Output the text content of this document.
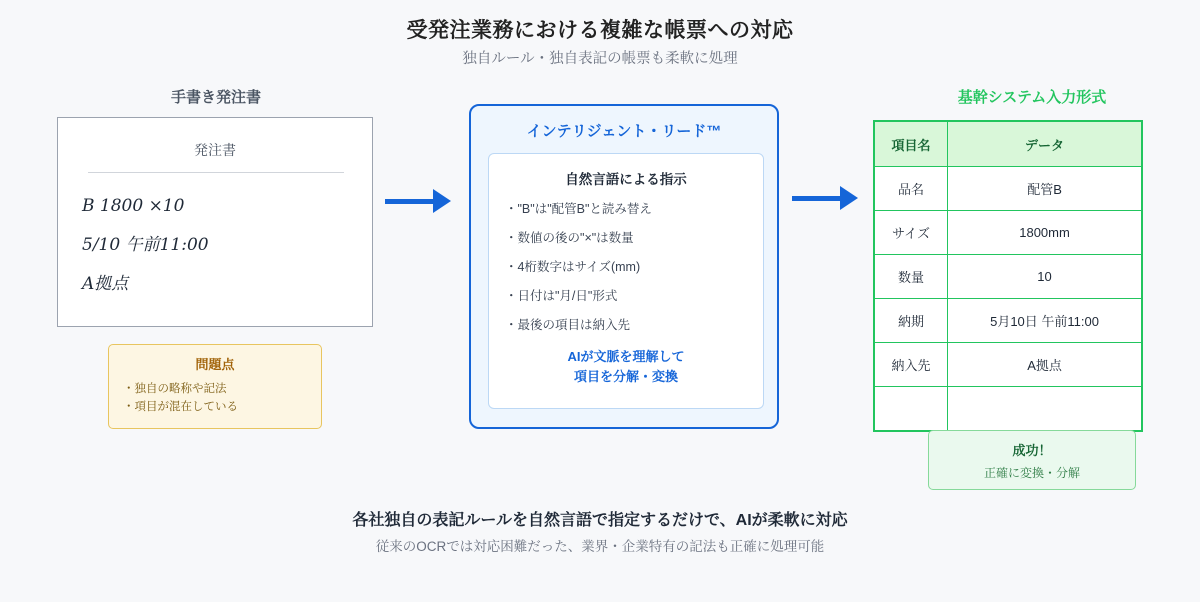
受発注業務における複雑な帳票への対応
独自ルール・独自表記の帳票も柔軟に処理
手書き発注書
発注書
B 1800 ×10
5/10 午前11:00
A拠点
問題点
・独自の略称や記法
・項目が混在している
インテリジェント・リード™
自然言語による指示
・"B"は"配管B"と読み替え
・数値の後の"×"は数量
・4桁数字はサイズ(mm)
・日付は"月/日"形式
・最後の項目は納入先
AIが文脈を理解して
項目を分解・変換
基幹システム入力形式
項目名	データ
品名	配管B
サイズ	1800mm
数量	10
納期	5月10日 午前11:00
納入先	A拠点

成功！
正確に変換・分解
各社独自の表記ルールを自然言語で指定するだけで、AIが柔軟に対応
従来のOCRでは対応困難だった、業界・企業特有の記法も正確に処理可能
